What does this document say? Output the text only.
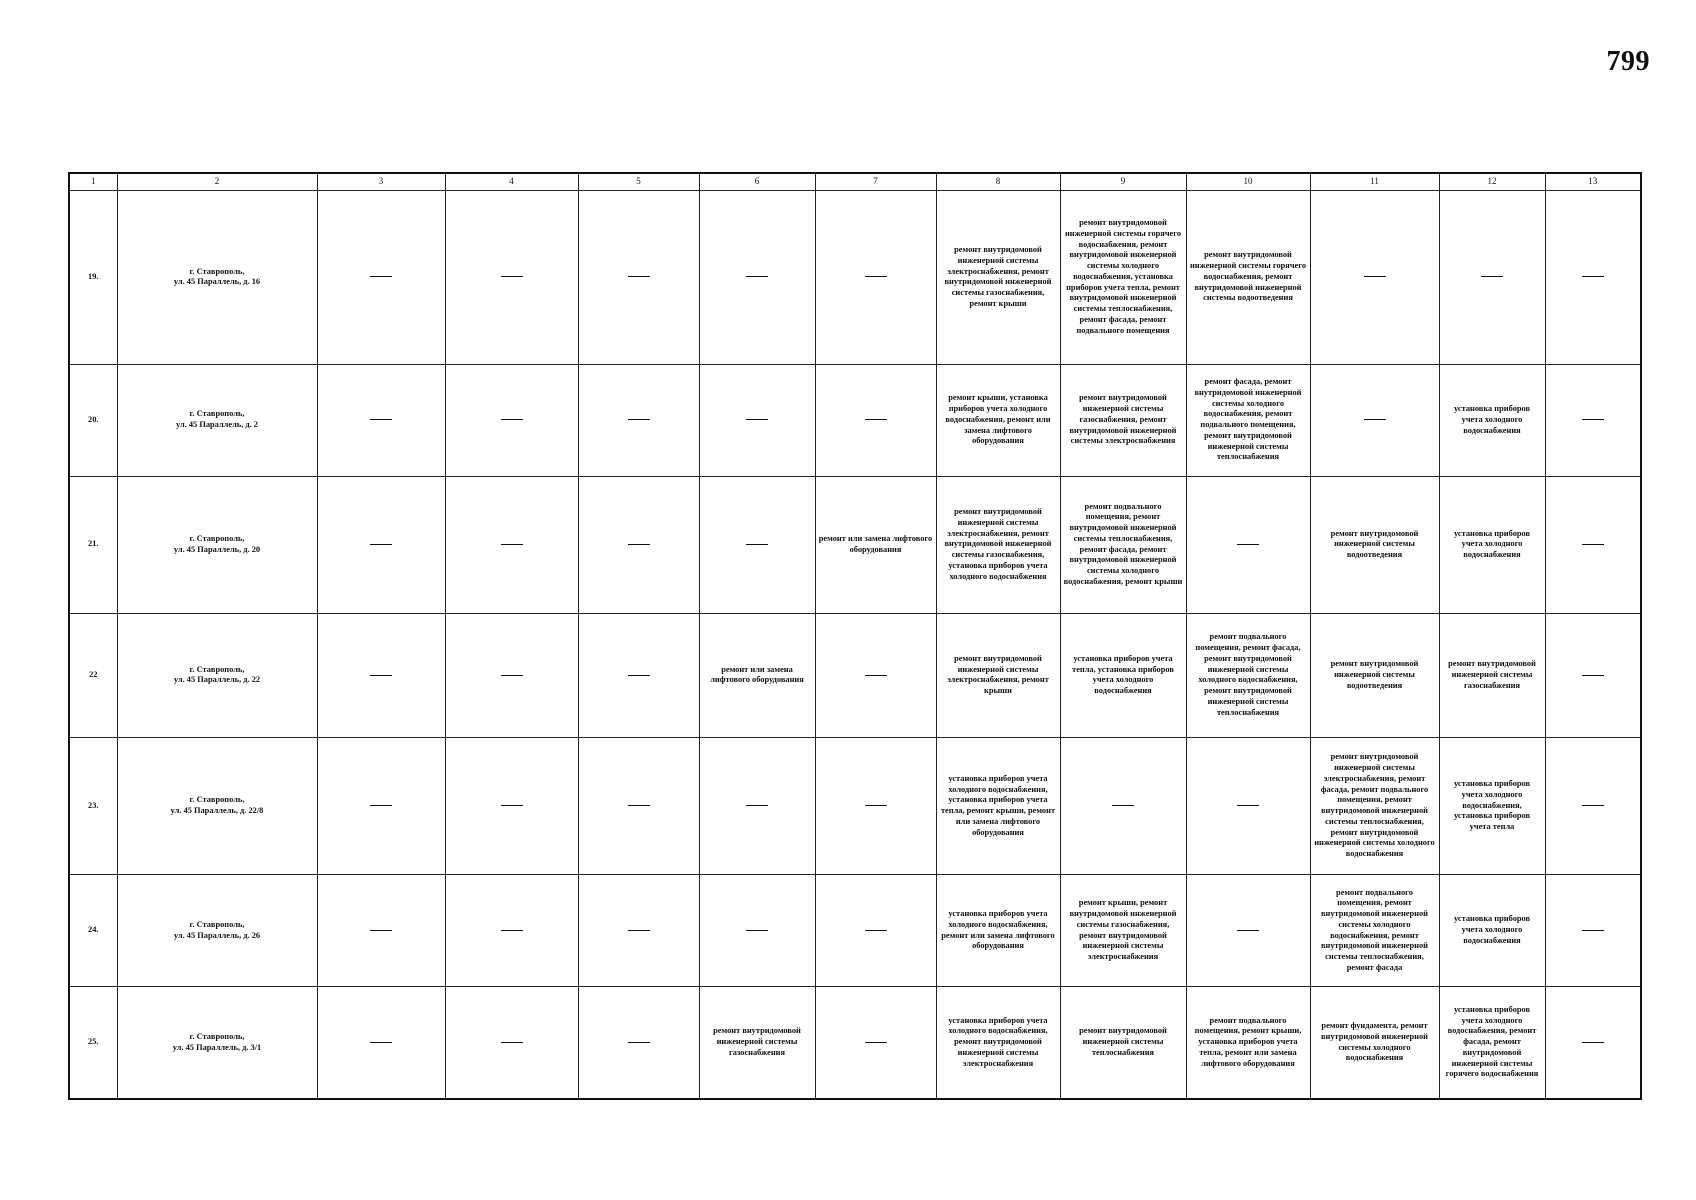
799
1	2	3	4	5	6	7	8	9	10	11	12	13
19.	г. Ставрополь,
ул. 45 Параллель, д. 16						ремонт внутридомовой инженерной системы электроснабжения, ремонт внутридомовой инженерной системы газоснабжения, ремонт крыши	ремонт внутридомовой инженерной системы горячего водоснабжения, ремонт внутридомовой инженерной системы холодного водоснабжения, установка приборов учета тепла, ремонт внутридомовой инженерной системы теплоснабжения, ремонт фасада, ремонт подвального помещения	ремонт внутридомовой инженерной системы горячего водоснабжения, ремонт внутридомовой инженерной системы водоотведения			

20.	г. Ставрополь,
ул. 45 Параллель, д. 2						ремонт крыши, установка приборов учета холодного водоснабжения, ремонт или замена лифтового оборудования	ремонт внутридомовой инженерной системы газоснабжения, ремонт внутридомовой инженерной системы электроснабжения	ремонт фасада, ремонт внутридомовой инженерной системы холодного водоснабжения, ремонт подвального помещения, ремонт внутридомовой инженерной системы теплоснабжения		установка приборов учета холодного водоснабжения	

21.	г. Ставрополь,
ул. 45 Параллель, д. 20					ремонт или замена лифтового оборудования	ремонт внутридомовой инженерной системы электроснабжения, ремонт внутридомовой инженерной системы газоснабжения, установка приборов учета холодного водоснабжения	ремонт подвального помещения, ремонт внутридомовой инженерной системы теплоснабжения, ремонт фасада, ремонт внутридомовой инженерной системы холодного водоснабжения, ремонт крыши		ремонт внутридомовой инженерной системы водоотведения	установка приборов учета холодного водоснабжения	

22	г. Ставрополь,
ул. 45 Параллель, д. 22				ремонт или замена лифтового оборудования		ремонт внутридомовой инженерной системы электроснабжения, ремонт крыши	установка приборов учета тепла, установка приборов учета холодного водоснабжения	ремонт подвального помещения, ремонт фасада, ремонт внутридомовой инженерной системы холодного водоснабжения, ремонт внутридомовой инженерной системы теплоснабжения	ремонт внутридомовой инженерной системы водоотведения	ремонт внутридомовой инженерной системы газоснабжения	

23.	г. Ставрополь,
ул. 45 Параллель, д. 22/8						установка приборов учета холодного водоснабжения, установка приборов учета тепла, ремонт крыши, ремонт или замена лифтового оборудования			ремонт внутридомовой инженерной системы электроснабжения, ремонт фасада, ремонт подвального помещения, ремонт внутридомовой инженерной системы теплоснабжения, ремонт внутридомовой инженерной системы холодного водоснабжения	установка приборов учета холодного водоснабжения, установка приборов учета тепла	

24.	г. Ставрополь,
ул. 45 Параллель, д. 26						установка приборов учета холодного водоснабжения, ремонт или замена лифтового оборудования	ремонт крыши, ремонт внутридомовой инженерной системы газоснабжения, ремонт внутридомовой инженерной системы электроснабжения		ремонт подвального помещения, ремонт внутридомовой инженерной системы холодного водоснабжения, ремонт внутридомовой инженерной системы теплоснабжения, ремонт фасада	установка приборов учета холодного водоснабжения	

25.	г. Ставрополь,
ул. 45 Параллель, д. 3/1				ремонт внутридомовой инженерной системы газоснабжения		установка приборов учета холодного водоснабжения, ремонт внутридомовой инженерной системы электроснабжения	ремонт внутридомовой инженерной системы теплоснабжения	ремонт подвального помещения, ремонт крыши, установка приборов учета тепла, ремонт или замена лифтового оборудования	ремонт фундамента, ремонт внутридомовой инженерной системы холодного водоснабжения	установка приборов учета холодного водоснабжения, ремонт фасада, ремонт внутридомовой инженерной системы горячего водоснабжения	
